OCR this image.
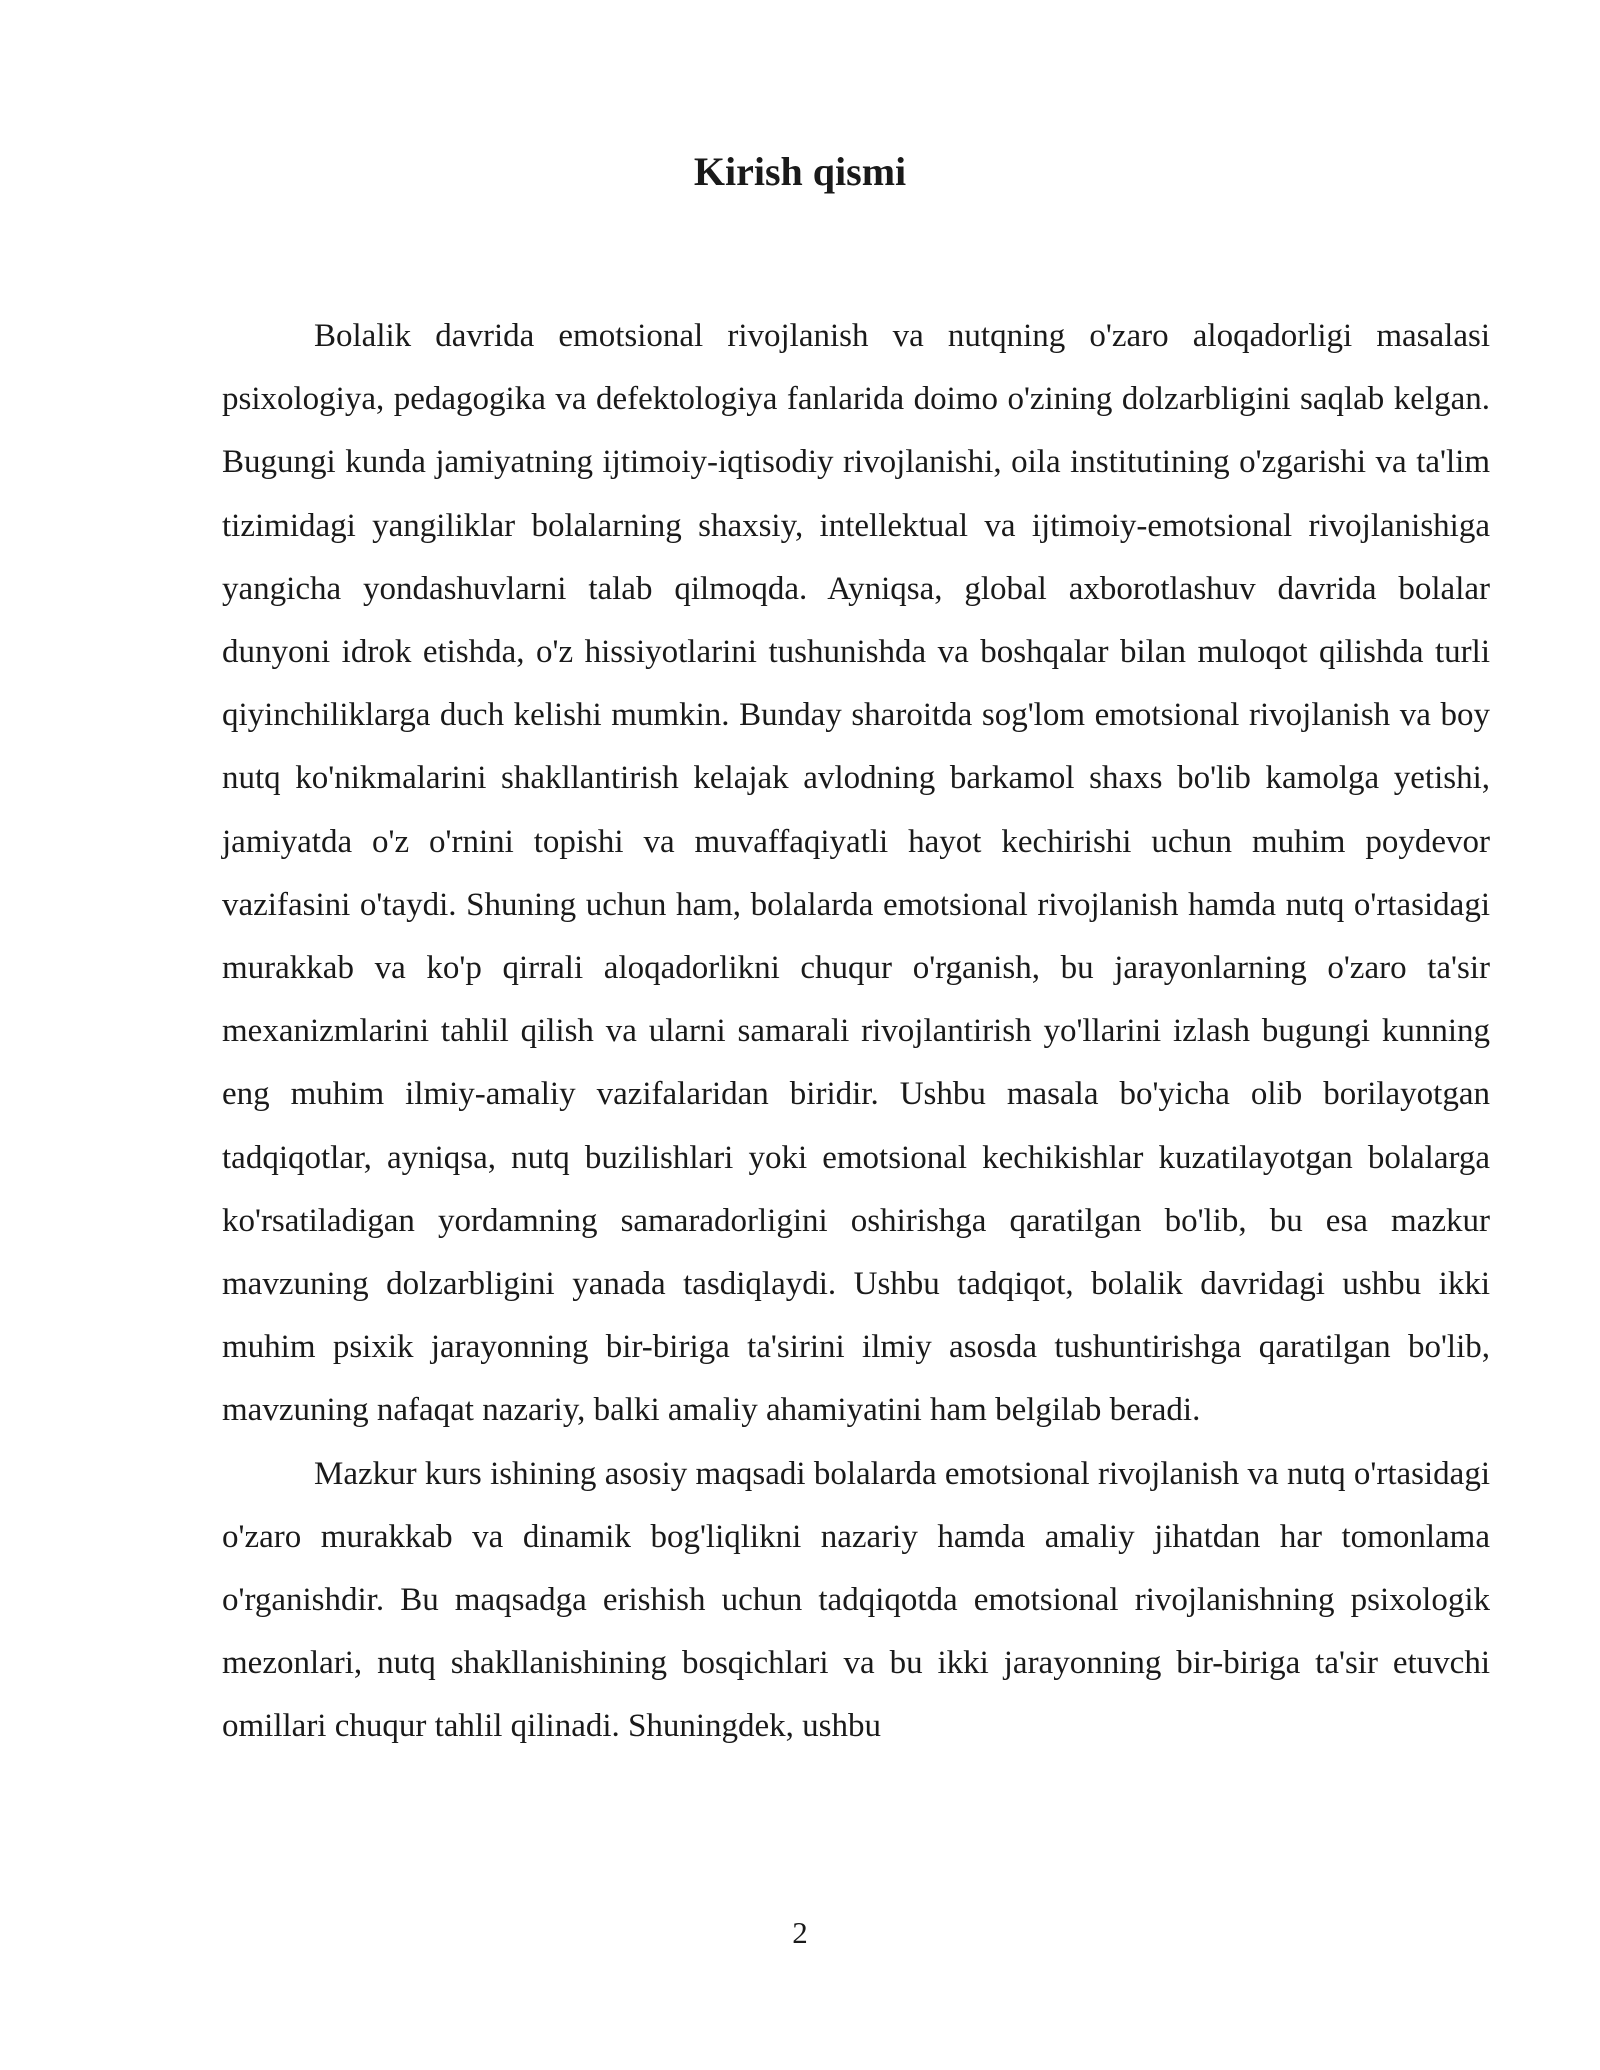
Kirish qismi

Bolalik davrida emotsional rivojlanish va nutqning o'zaro aloqadorligi masalasi psixologiya, pedagogika va defektologiya fanlarida doimo o'zining dolzarbligini saqlab kelgan. Bugungi kunda jamiyatning ijtimoiy-iqtisodiy rivojlanishi, oila institutining o'zgarishi va ta'lim tizimidagi yangiliklar bolalarning shaxsiy, intellektual va ijtimoiy-emotsional rivojlanishiga yangicha yondashuvlarni talab qilmoqda. Ayniqsa, global axborotlashuv davrida bolalar dunyoni idrok etishda, o'z hissiyotlarini tushunishda va boshqalar bilan muloqot qilishda turli qiyinchiliklarga duch kelishi mumkin. Bunday sharoitda sog'lom emotsional rivojlanish va boy nutq ko'nikmalarini shakllantirish kelajak avlodning barkamol shaxs bo'lib kamolga yetishi, jamiyatda o'z o'rnini topishi va muvaffaqiyatli hayot kechirishi uchun muhim poydevor vazifasini o'taydi. Shuning uchun ham, bolalarda emotsional rivojlanish hamda nutq o'rtasidagi murakkab va ko'p qirrali aloqadorlikni chuqur o'rganish, bu jarayonlarning o'zaro ta'sir mexanizmlarini tahlil qilish va ularni samarali rivojlantirish yo'llarini izlash bugungi kunning eng muhim ilmiy-amaliy vazifalaridan biridir. Ushbu masala bo'yicha olib borilayotgan tadqiqotlar, ayniqsa, nutq buzilishlari yoki emotsional kechikishlar kuzatilayotgan bolalarga ko'rsatiladigan yordamning samaradorligini oshirishga qaratilgan bo'lib, bu esa mazkur mavzuning dolzarbligini yanada tasdiqlaydi. Ushbu tadqiqot, bolalik davridagi ushbu ikki muhim psixik jarayonning bir-biriga ta'sirini ilmiy asosda tushuntirishga qaratilgan bo'lib, mavzuning nafaqat nazariy, balki amaliy ahamiyatini ham belgilab beradi.

Mazkur kurs ishining asosiy maqsadi bolalarda emotsional rivojlanish va nutq o'rtasidagi o'zaro murakkab va dinamik bog'liqlikni nazariy hamda amaliy jihatdan har tomonlama o'rganishdir. Bu maqsadga erishish uchun tadqiqotda emotsional rivojlanishning psixologik mezonlari, nutq shakllanishining bosqichlari va bu ikki jarayonning bir-biriga ta'sir etuvchi omillari chuqur tahlil qilinadi. Shuningdek, ushbu

2
